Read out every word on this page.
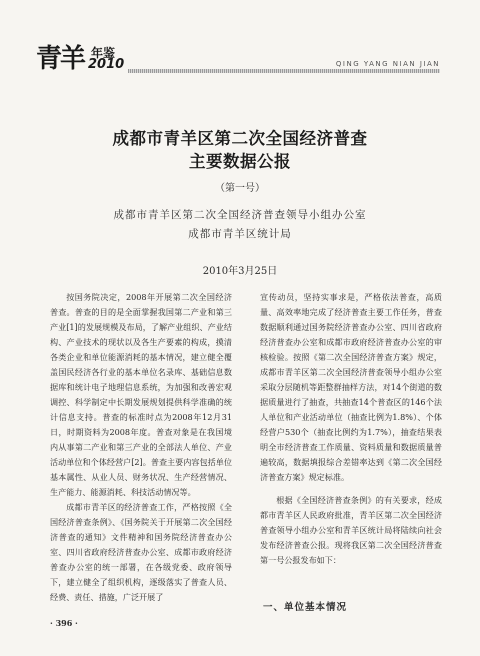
青羊 年鉴
2010	QING YANG NIAN JIAN
成都市青羊区第二次全国经济普查
主要数据公报
（第一号）
成都市青羊区第二次全国经济普查领导小组办公室
成都市青羊区统计局
2010年3月25日

按国务院决定，2008年开展第二次全国经济普查。普查的目的是全面掌握我国第二产业和第三产业[1]的发展规模及布局，了解产业组织、产业结构、产业技术的现状以及各生产要素的构成，摸清各类企业和单位能源消耗的基本情况，建立健全覆盖国民经济各行业的基本单位名录库、基础信息数据库和统计电子地理信息系统，为加强和改善宏观调控、科学制定中长期发展规划提供科学准确的统计信息支持。普查的标准时点为2008年12月31日，时期资料为2008年度。普查对象是在我国境内从事第二产业和第三产业的全部法人单位、产业活动单位和个体经营户[2]。普查主要内容包括单位基本属性、从业人员、财务状况、生产经营情况、生产能力、能源消耗、科技活动情况等。

成都市青羊区的经济普查工作，严格按照《全国经济普查条例》、《国务院关于开展第二次全国经济普查的通知》文件精神和国务院经济普查办公室、四川省政府经济普查办公室、成都市政府经济普查办公室的统一部署，在各级党委、政府领导下，建立健全了组织机构，逐级落实了普查人员、经费、责任、措施，广泛开展了

宣传动员，坚持实事求是，严格依法普查，高质量、高效率地完成了经济普查主要工作任务，普查数据顺利通过国务院经济普查办公室、四川省政府经济普查办公室和成都市政府经济普查办公室的审核检验。按照《第二次全国经济普查方案》规定，成都市青羊区第二次全国经济普查领导小组办公室采取分层随机等距整群抽样方法，对14个街道的数据质量进行了抽查，共抽查14个普查区的146个法人单位和产业活动单位（抽查比例为1.8%）、个体经营户530个（抽查比例约为1.7%），抽查结果表明全市经济普查工作质量、资料质量和数据质量普遍较高，数据填报综合差错率达到《第二次全国经济普查方案》规定标准。

根据《全国经济普查条例》的有关要求，经成都市青羊区人民政府批准，青羊区第二次全国经济普查领导小组办公室和青羊区统计局将陆续向社会发布经济普查公报。现将我区第二次全国经济普查第一号公报发布如下：

一、单位基本情况
· 396 ·
